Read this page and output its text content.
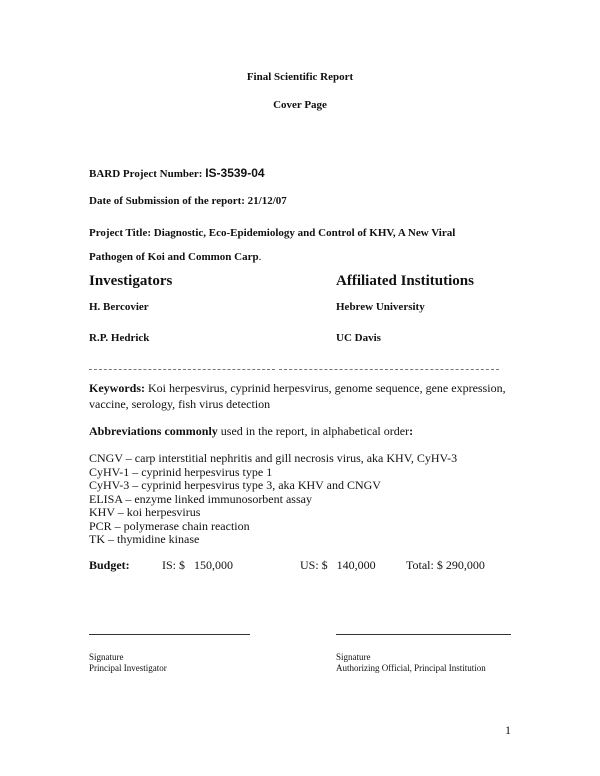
Final Scientific Report
Cover Page
BARD Project Number: IS-3539-04
Date of Submission of the report: 21/12/07
Project Title: Diagnostic, Eco-Epidemiology and Control of KHV, A New Viral
Pathogen of Koi and Common Carp.
Investigators	Affiliated Institutions
H. Bercovier	Hebrew University
R.P. Hedrick	UC Davis
Keywords: Koi herpesvirus, cyprinid herpesvirus, genome sequence, gene expression,
vaccine, serology, fish virus detection
Abbreviations commonly used in the report, in alphabetical order:
CNGV – carp interstitial nephritis and gill necrosis virus, aka KHV, CyHV-3
CyHV-1 – cyprinid herpesvirus type 1
CyHV-3 – cyprinid herpesvirus type 3, aka KHV and CNGV
ELISA – enzyme linked immunosorbent assay
KHV – koi herpesvirus
PCR – polymerase chain reaction
TK – thymidine kinase
Budget:	IS: $   150,000	US: $   140,000	Total: $ 290,000
Signature
Principal Investigator
Signature
Authorizing Official, Principal Institution
1
